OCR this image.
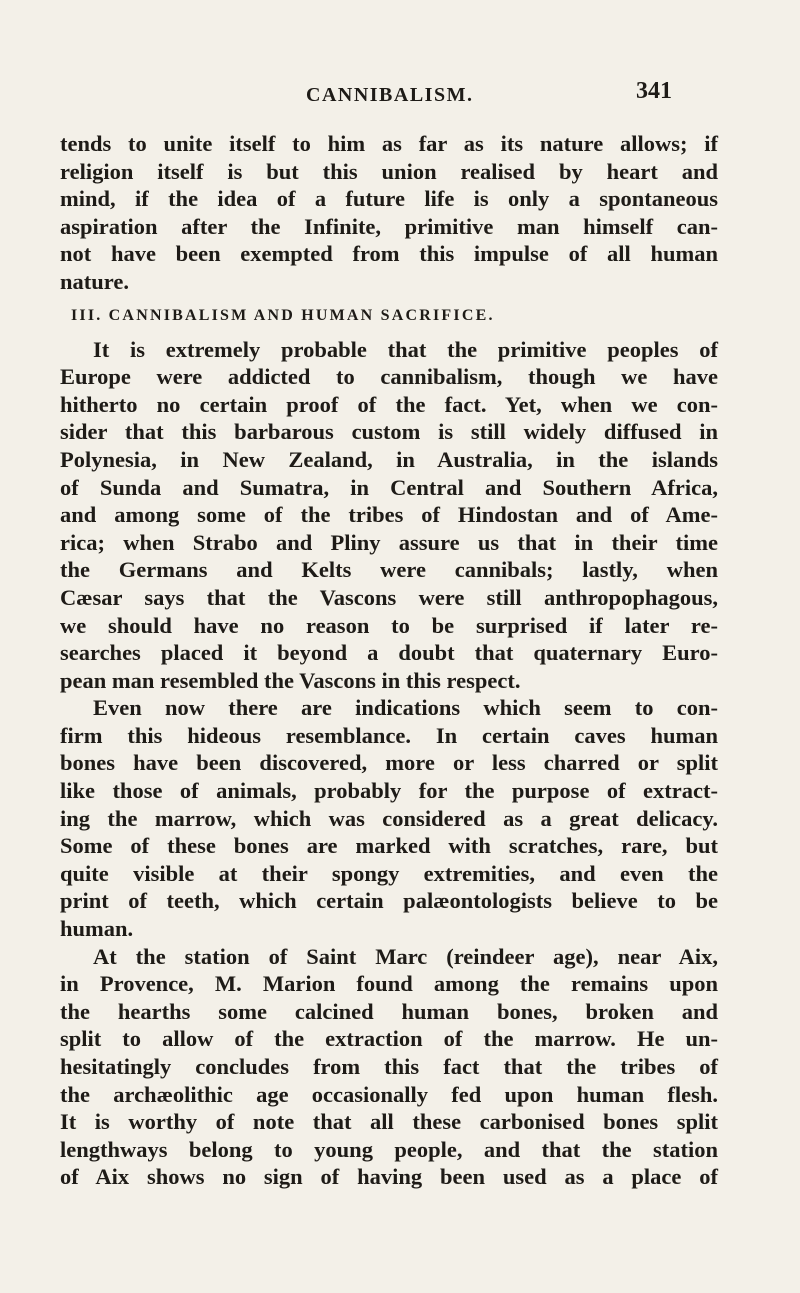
CANNIBALISM.	341
tends to unite itself to him as far as its nature allows; if
religion itself is but this union realised by heart and
mind, if the idea of a future life is only a spontaneous
aspiration after the Infinite, primitive man himself can-
not have been exempted from this impulse of all human
nature.
III. CANNIBALISM AND HUMAN SACRIFICE.
It is extremely probable that the primitive peoples of
Europe were addicted to cannibalism, though we have
hitherto no certain proof of the fact. Yet, when we con-
sider that this barbarous custom is still widely diffused in
Polynesia, in New Zealand, in Australia, in the islands
of Sunda and Sumatra, in Central and Southern Africa,
and among some of the tribes of Hindostan and of Ame-
rica; when Strabo and Pliny assure us that in their time
the Germans and Kelts were cannibals; lastly, when
Cæsar says that the Vascons were still anthropophagous,
we should have no reason to be surprised if later re-
searches placed it beyond a doubt that quaternary Euro-
pean man resembled the Vascons in this respect.
Even now there are indications which seem to con-
firm this hideous resemblance. In certain caves human
bones have been discovered, more or less charred or split
like those of animals, probably for the purpose of extract-
ing the marrow, which was considered as a great delicacy.
Some of these bones are marked with scratches, rare, but
quite visible at their spongy extremities, and even the
print of teeth, which certain palæontologists believe to be
human.
At the station of Saint Marc (reindeer age), near Aix,
in Provence, M. Marion found among the remains upon
the hearths some calcined human bones, broken and
split to allow of the extraction of the marrow. He un-
hesitatingly concludes from this fact that the tribes of
the archæolithic age occasionally fed upon human flesh.
It is worthy of note that all these carbonised bones split
lengthways belong to young people, and that the station
of Aix shows no sign of having been used as a place of
